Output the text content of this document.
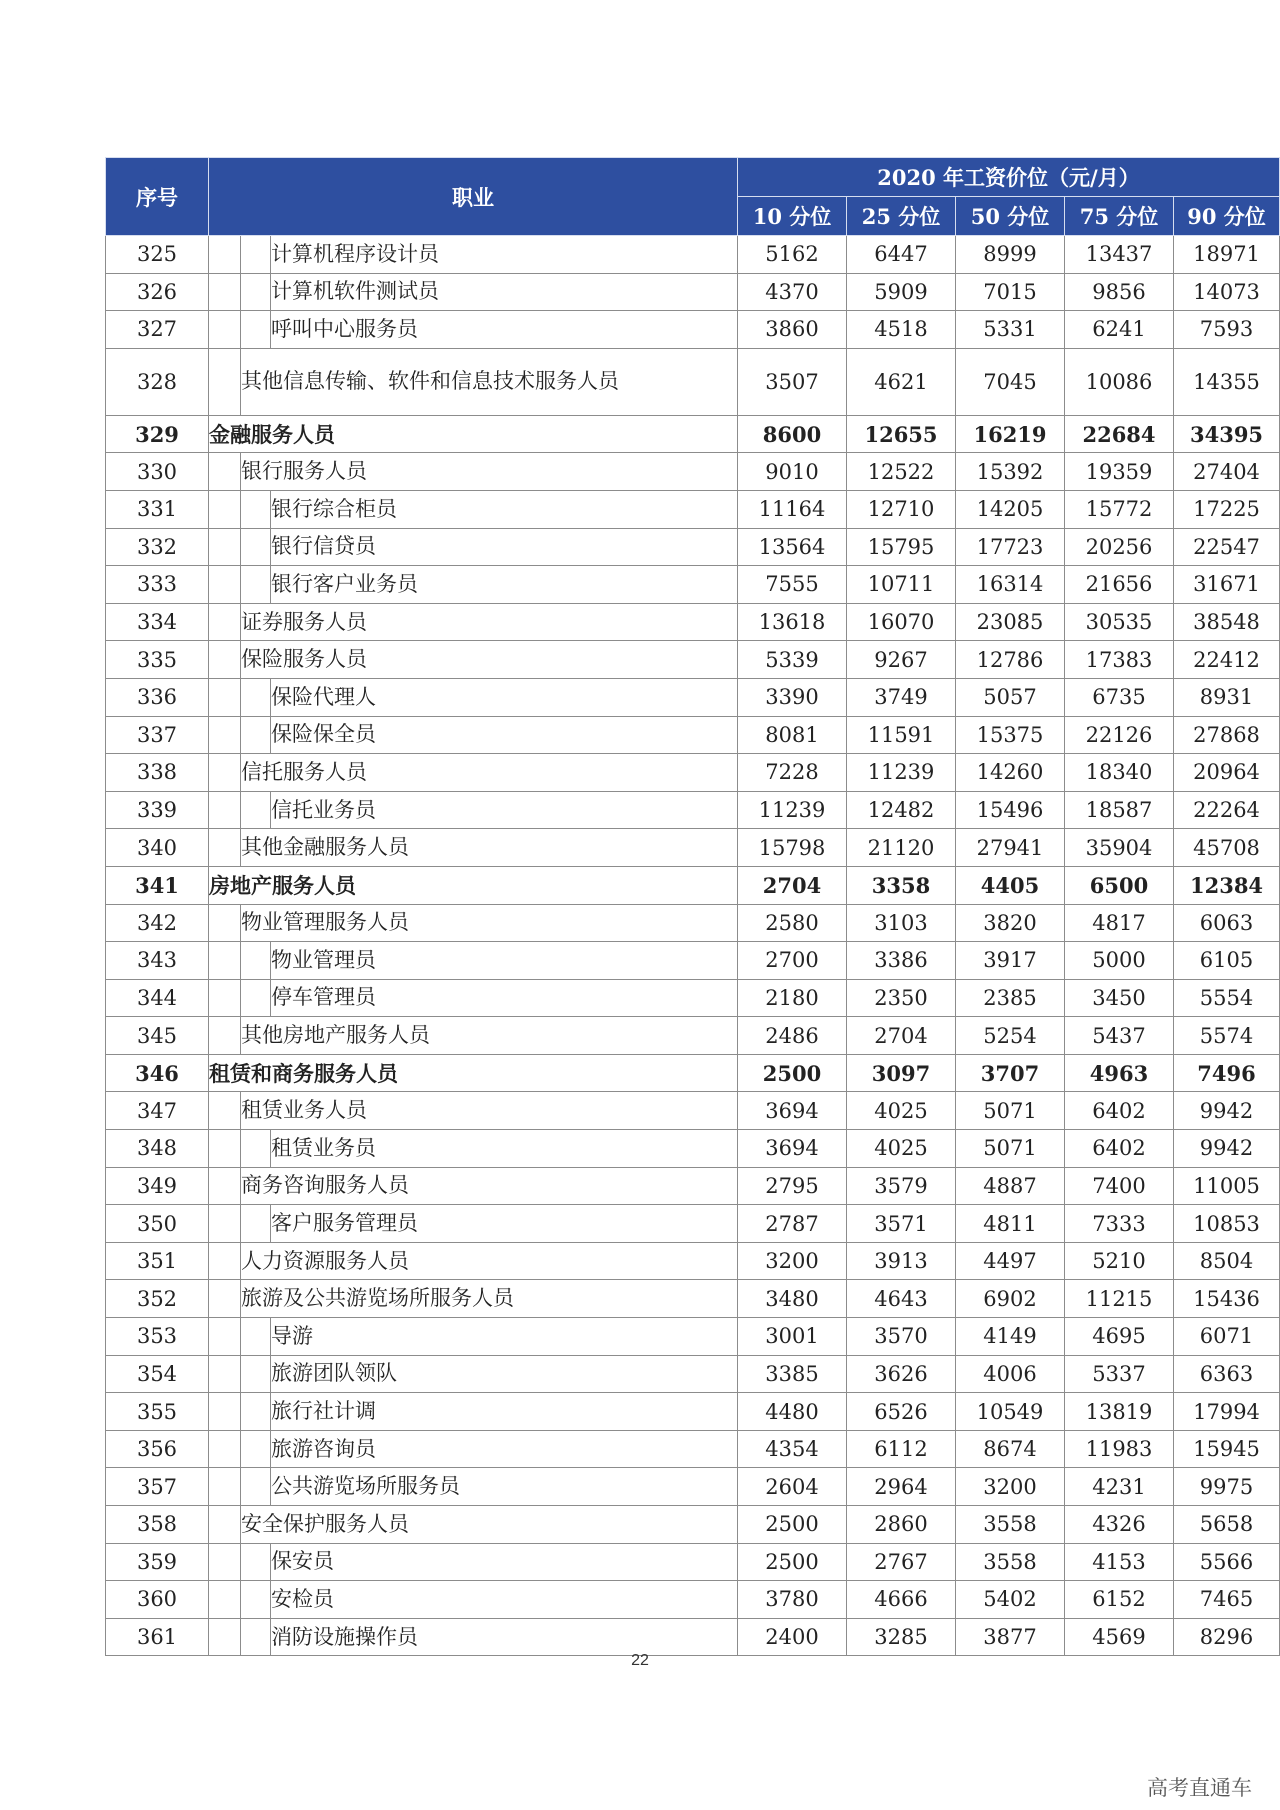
序号	职业			2020 年工资价位（元/月）				
				10 分位	25 分位	50 分位	75 分位	90 分位
325			计算机程序设计员	5162	6447	8999	13437	18971
326			计算机软件测试员	4370	5909	7015	9856	14073
327			呼叫中心服务员	3860	4518	5331	6241	7593
328		其他信息传输、软件和信息技术服务人员		3507	4621	7045	10086	14355
329	金融服务人员			8600	12655	16219	22684	34395
330		银行服务人员		9010	12522	15392	19359	27404
331			银行综合柜员	11164	12710	14205	15772	17225
332			银行信贷员	13564	15795	17723	20256	22547
333			银行客户业务员	7555	10711	16314	21656	31671
334		证券服务人员		13618	16070	23085	30535	38548
335		保险服务人员		5339	9267	12786	17383	22412
336			保险代理人	3390	3749	5057	6735	8931
337			保险保全员	8081	11591	15375	22126	27868
338		信托服务人员		7228	11239	14260	18340	20964
339			信托业务员	11239	12482	15496	18587	22264
340		其他金融服务人员		15798	21120	27941	35904	45708
341	房地产服务人员			2704	3358	4405	6500	12384
342		物业管理服务人员		2580	3103	3820	4817	6063
343			物业管理员	2700	3386	3917	5000	6105
344			停车管理员	2180	2350	2385	3450	5554
345		其他房地产服务人员		2486	2704	5254	5437	5574
346	租赁和商务服务人员			2500	3097	3707	4963	7496
347		租赁业务人员		3694	4025	5071	6402	9942
348			租赁业务员	3694	4025	5071	6402	9942
349		商务咨询服务人员		2795	3579	4887	7400	11005
350			客户服务管理员	2787	3571	4811	7333	10853
351		人力资源服务人员		3200	3913	4497	5210	8504
352		旅游及公共游览场所服务人员		3480	4643	6902	11215	15436
353			导游	3001	3570	4149	4695	6071
354			旅游团队领队	3385	3626	4006	5337	6363
355			旅行社计调	4480	6526	10549	13819	17994
356			旅游咨询员	4354	6112	8674	11983	15945
357			公共游览场所服务员	2604	2964	3200	4231	9975
358		安全保护服务人员		2500	2860	3558	4326	5658
359			保安员	2500	2767	3558	4153	5566
360			安检员	3780	4666	5402	6152	7465
361			消防设施操作员	2400	3285	3877	4569	8296
22
高考直通车
